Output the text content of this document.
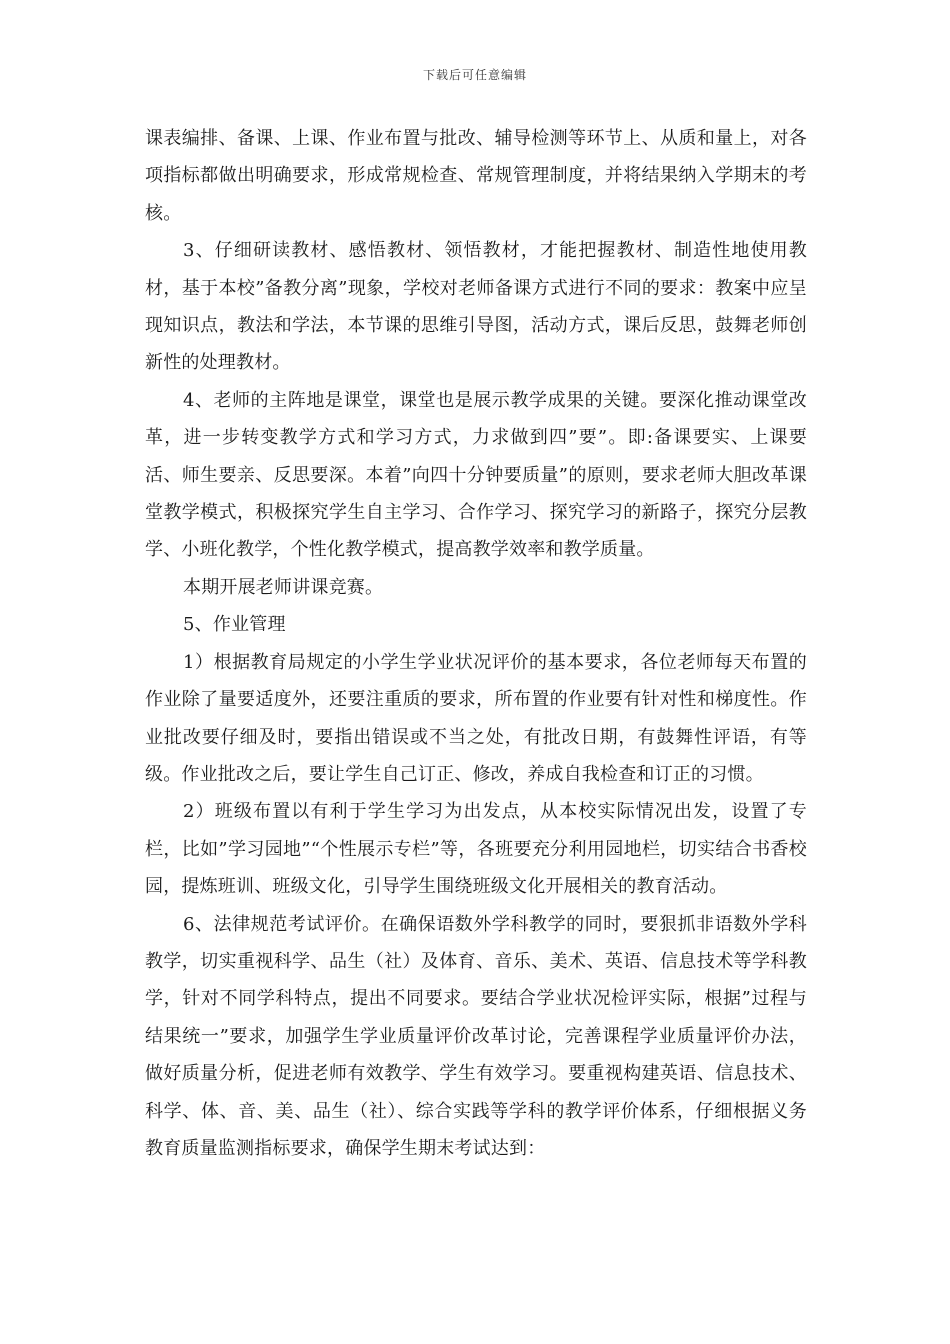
下载后可任意编辑

课表编排、备课、上课、作业布置与批改、辅导检测等环节上、从质和量上，对各项指标都做出明确要求，形成常规检查、常规管理制度，并将结果纳入学期末的考核。

3、仔细研读教材、感悟教材、领悟教材，才能把握教材、制造性地使用教材，基于本校”备教分离”现象，学校对老师备课方式进行不同的要求：教案中应呈现知识点，教法和学法，本节课的思维引导图，活动方式，课后反思，鼓舞老师创新性的处理教材。

4、老师的主阵地是课堂，课堂也是展示教学成果的关键。要深化推动课堂改革，进一步转变教学方式和学习方式，力求做到四”要”。即:备课要实、上课要活、师生要亲、反思要深。本着”向四十分钟要质量”的原则，要求老师大胆改革课堂教学模式，积极探究学生自主学习、合作学习、探究学习的新路子，探究分层教学、小班化教学，个性化教学模式，提高教学效率和教学质量。

本期开展老师讲课竞赛。

5、作业管理

1）根据教育局规定的小学生学业状况评价的基本要求，各位老师每天布置的作业除了量要适度外，还要注重质的要求，所布置的作业要有针对性和梯度性。作业批改要仔细及时，要指出错误或不当之处，有批改日期，有鼓舞性评语，有等级。作业批改之后，要让学生自己订正、修改，养成自我检查和订正的习惯。

2）班级布置以有利于学生学习为出发点，从本校实际情况出发，设置了专栏，比如”学习园地”“个性展示专栏”等，各班要充分利用园地栏，切实结合书香校园，提炼班训、班级文化，引导学生围绕班级文化开展相关的教育活动。

6、法律规范考试评价。在确保语数外学科教学的同时，要狠抓非语数外学科教学，切实重视科学、品生（社）及体育、音乐、美术、英语、信息技术等学科教学，针对不同学科特点，提出不同要求。要结合学业状况检评实际，根据”过程与结果统一”要求，加强学生学业质量评价改革讨论，完善课程学业质量评价办法，做好质量分析，促进老师有效教学、学生有效学习。要重视构建英语、信息技术、科学、体、音、美、品生（社）、综合实践等学科的教学评价体系，仔细根据义务教育质量监测指标要求，确保学生期末考试达到：
